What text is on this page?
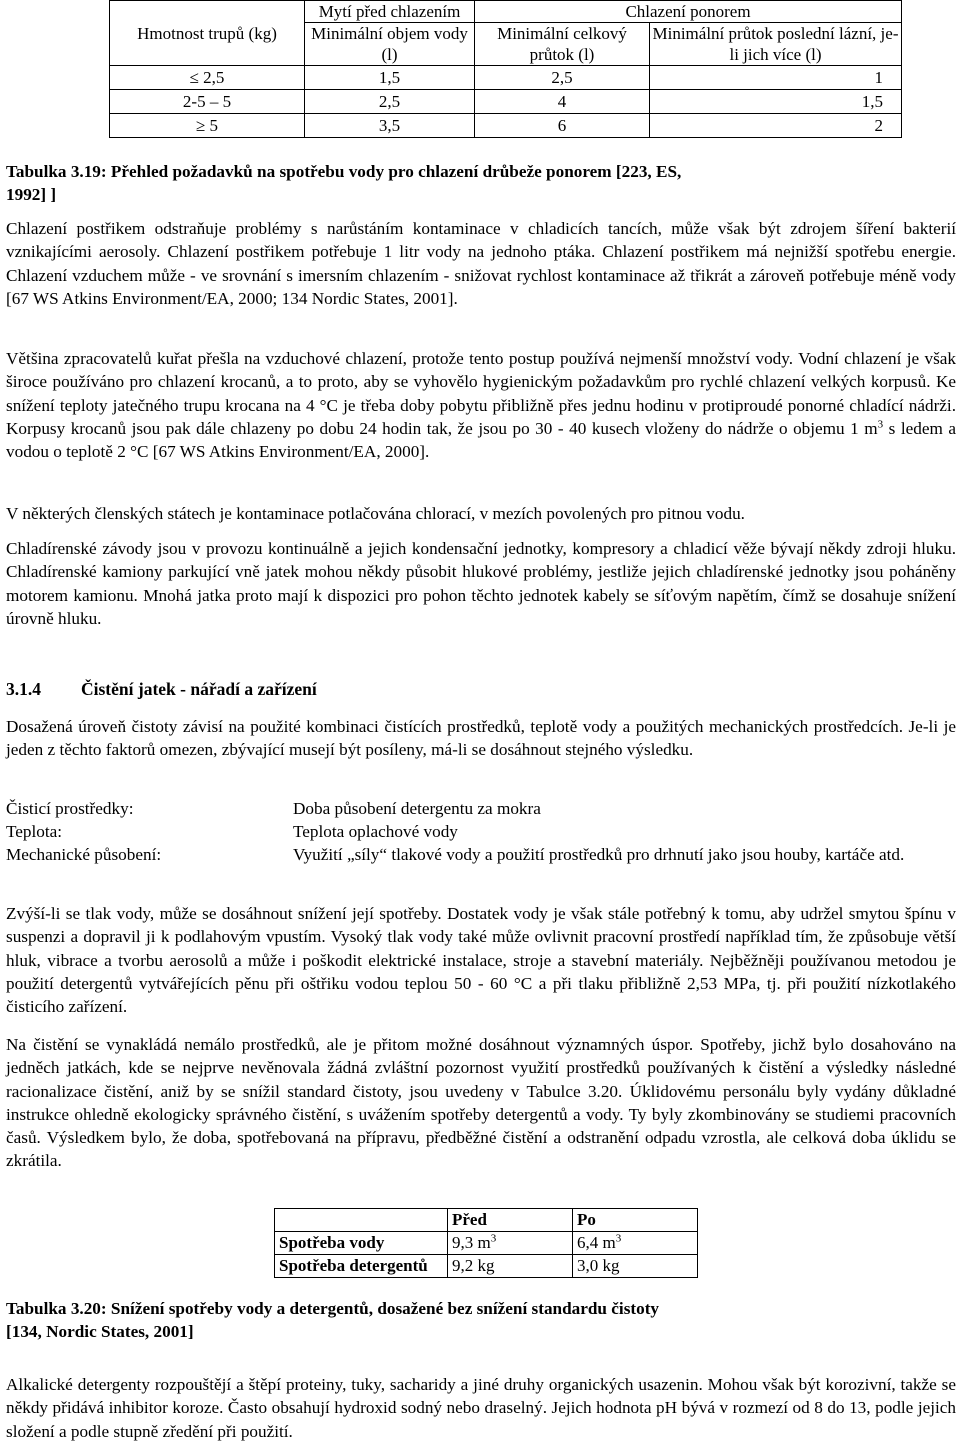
Hmotnost trupů (kg)	Mytí před chlazením	Chlazení ponorem	
	Minimální objem vody (l)	Minimální celkový průtok (l)	Minimální průtok poslední lázní, je-li jich více (l)
≤ 2,5	1,5	2,5	1
2-5 – 5	2,5	4	1,5
≥ 5	3,5	6	2

Tabulka 3.19: Přehled požadavků na spotřebu vody pro chlazení drůbeže ponorem [223, ES, 1992] ]

Chlazení postřikem odstraňuje problémy s narůstáním kontaminace v chladicích tancích, může však být zdrojem šíření bakterií vznikajícími aerosoly. Chlazení postřikem potřebuje 1 litr vody na jednoho ptáka. Chlazení postřikem má nejnižší spotřebu energie. Chlazení vzduchem může - ve srovnání s imersním chlazením - snižovat rychlost kontaminace až třikrát a zároveň potřebuje méně vody [67 WS Atkins Environment/EA, 2000; 134 Nordic States, 2001].

Většina zpracovatelů kuřat přešla na vzduchové chlazení, protože tento postup používá nejmenší množství vody. Vodní chlazení je však široce používáno pro chlazení krocanů, a to proto, aby se vyhovělo hygienickým požadavkům pro rychlé chlazení velkých korpusů. Ke snížení teploty jatečného trupu krocana na 4 °C je třeba doby pobytu přibližně přes jednu hodinu v protiproudé ponorné chladící nádrži. Korpusy krocanů jsou pak dále chlazeny po dobu 24 hodin tak, že jsou po 30 - 40 kusech vloženy do nádrže o objemu 1 $m^3$ s ledem a vodou o teplotě 2 °C [67 WS Atkins Environment/EA, 2000].

V některých členských státech je kontaminace potlačována chlorací, v mezích povolených pro pitnou vodu.

Chladírenské závody jsou v provozu kontinuálně a jejich kondensační jednotky, kompresory a chladicí věže bývají někdy zdroji hluku. Chladírenské kamiony parkující vně jatek mohou někdy působit hlukové problémy, jestliže jejich chladírenské jednotky jsou poháněny motorem kamionu. Mnohá jatka proto mají k dispozici pro pohon těchto jednotek kabely se síťovým napětím, čímž se dosahuje snížení úrovně hluku.

3.1.4 Čistění jatek - nářadí a zařízení

Dosažená úroveň čistoty závisí na použité kombinaci čistících prostředků, teplotě vody a použitých mechanických prostředcích. Je-li je jeden z těchto faktorů omezen, zbývající musejí být posíleny, má-li se dosáhnout stejného výsledku.

Čisticí prostředky:	Doba působení detergentu za mokra
Teplota:	Teplota oplachové vody
Mechanické působení:	Využití „síly“ tlakové vody a použití prostředků pro drhnutí jako jsou houby, kartáče atd.

Zvýší-li se tlak vody, může se dosáhnout snížení její spotřeby. Dostatek vody je však stále potřebný k tomu, aby udržel smytou špínu v suspenzi a dopravil ji k podlahovým vpustím. Vysoký tlak vody také může ovlivnit pracovní prostředí například tím, že způsobuje větší hluk, vibrace a tvorbu aerosolů a může i poškodit elektrické instalace, stroje a stavební materiály. Nejběžněji používanou metodou je použití detergentů vytvářejících pěnu při oštřiku vodou teplou 50 - 60 °C a při tlaku přibližně 2,53 MPa, tj. při použití nízkotlakého čisticího zařízení.

Na čistění se vynakládá nemálo prostředků, ale je přitom možné dosáhnout významných úspor. Spotřeby, jichž bylo dosahováno na jedněch jatkách, kde se nejprve nevěnovala žádná zvláštní pozornost využití prostředků používaných k čistění a výsledky následné racionalizace čistění, aniž by se snížil standard čistoty, jsou uvedeny v Tabulce 3.20. Úklidovému personálu byly vydány důkladné instrukce ohledně ekologicky správného čistění, s uvážením spotřeby detergentů a vody. Ty byly zkombinovány se studiemi pracovních časů. Výsledkem bylo, že doba, spotřebovaná na přípravu, předběžné čistění a odstranění odpadu vzrostla, ale celková doba úklidu se zkrátila.

	Před	Po
Spotřeba vody	9,3 $m^3$	6,4 $m^3$
Spotřeba detergentů	9,2 kg	3,0 kg

Tabulka 3.20: Snížení spotřeby vody a detergentů, dosažené bez snížení standardu čistoty
[134, Nordic States, 2001]

Alkalické detergenty rozpouštějí a štěpí proteiny, tuky, sacharidy a jiné druhy organických usazenin. Mohou však být korozivní, takže se někdy přidává inhibitor koroze. Často obsahují hydroxid sodný nebo draselný. Jejich hodnota pH bývá v rozmezí od 8 do 13, podle jejich složení a podle stupně zředění při použití.
